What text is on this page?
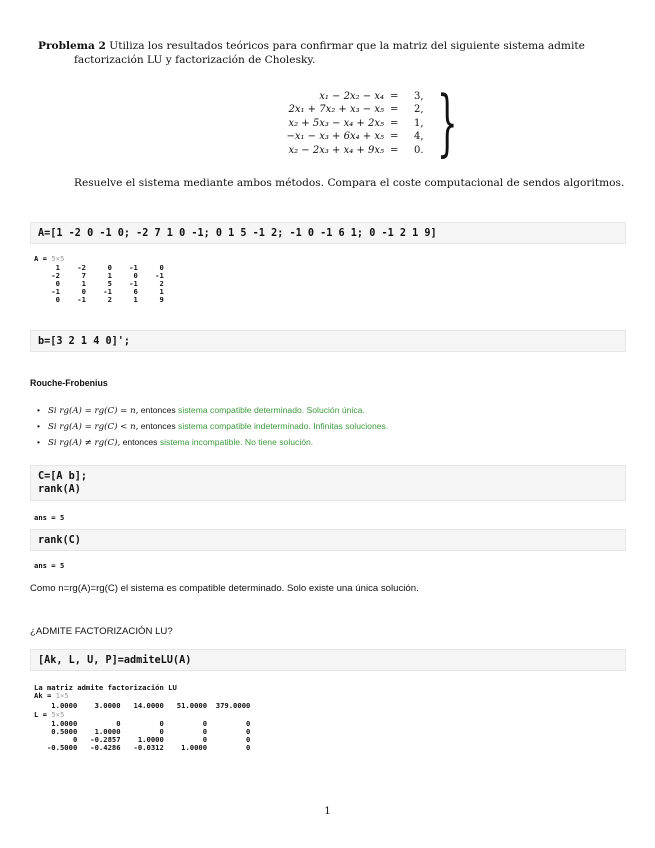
Problema 2 Utiliza los resultados teóricos para confirmar que la matriz del siguiente sistema admite
factorización LU y factorización de Cholesky.
x₁ − 2x₂ − x₄ = 3,
2x₁ + 7x₂ + x₃ − x₅ = 2,
x₂ + 5x₃ − x₄ + 2x₅ = 1,
−x₁ − x₃ + 6x₄ + x₅ = 4,
x₂ − 2x₃ + x₄ + 9x₅ = 0. }
Resuelve el sistema mediante ambos métodos. Compara el coste computacional de sendos algoritmos.
A=[1 -2 0 -1 0; -2 7 1 0 -1; 0 1 5 -1 2; -1 0 -1 6 1; 0 -1 2 1 9]
A = 5×5
1    -2     0    -1     0
-2     7     1     0    -1
0     1     5    -1     2
-1     0    -1     6     1
0    -1     2     1     9
b=[3 2 1 4 0]';
Rouche-Frobenius
• Si rg(A) = rg(C) = n, entonces sistema compatible determinado. Solución única.
• Si rg(A) = rg(C) < n, entonces sistema compatible indeterminado. Infinitas soluciones.
• Si rg(A) ≠ rg(C), entonces sistema incompatible. No tiene solución.
C=[A b];
rank(A)
ans = 5
rank(C)
ans = 5
Como n=rg(A)=rg(C) el sistema es compatible determinado. Solo existe una única solución.
¿ADMITE FACTORIZACIÓN LU?
[Ak, L, U, P]=admiteLU(A)
La matriz admite factorización LU
Ak = 1×5
1.0000    3.0000   14.0000   51.0000  379.0000
L = 5×5
1.0000         0         0         0         0
0.5000    1.0000         0         0         0
0   -0.2857    1.0000         0         0
-0.5000   -0.4286   -0.0312    1.0000         0
1
